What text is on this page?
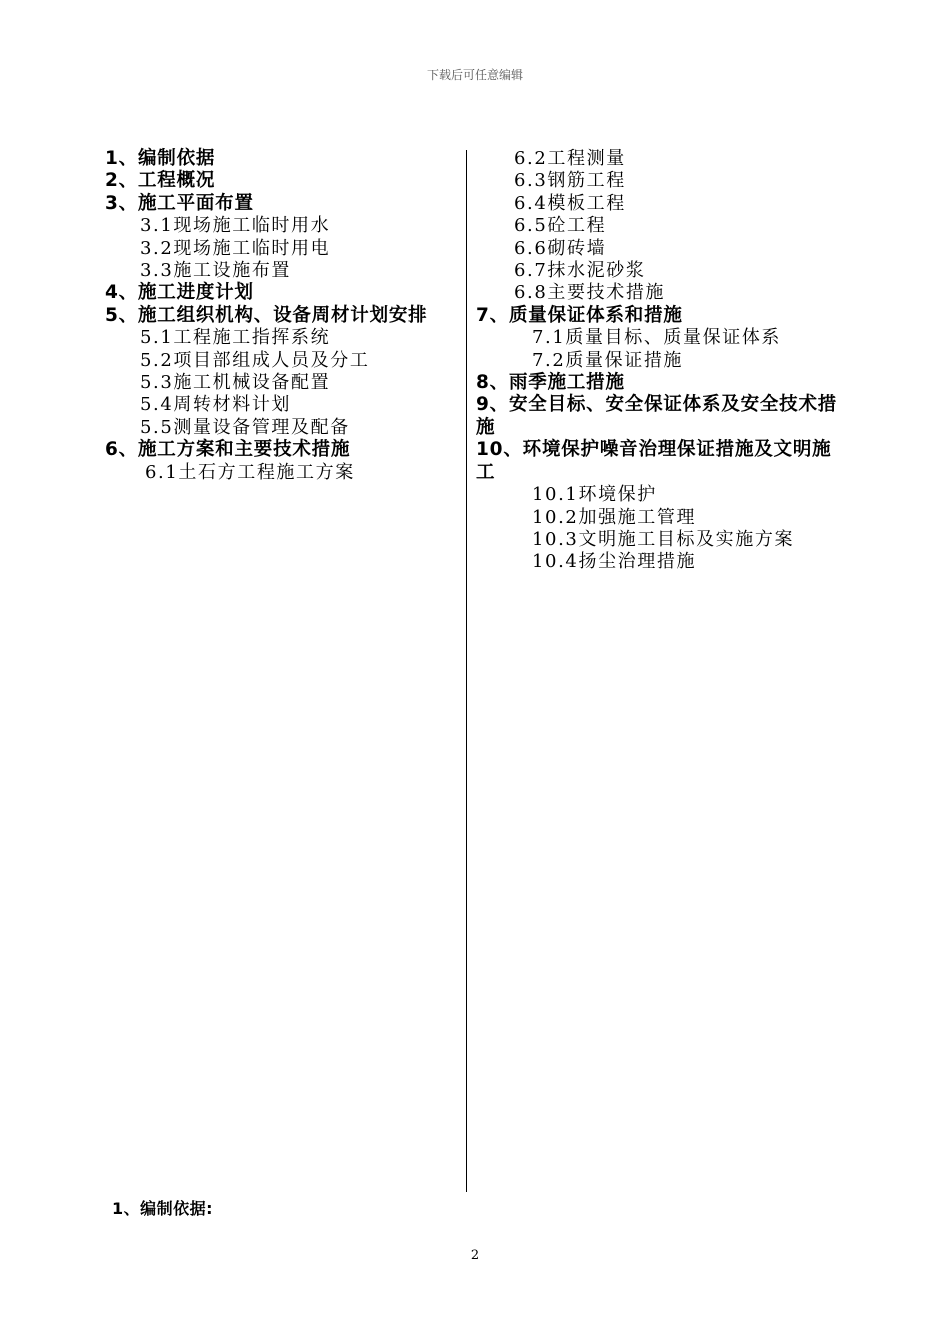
下载后可任意编辑
1、编制依据
2、工程概况
3、施工平面布置
3.1现场施工临时用水
3.2现场施工临时用电
3.3施工设施布置
4、施工进度计划
5、施工组织机构、设备周材计划安排
5.1工程施工指挥系统
5.2项目部组成人员及分工
5.3施工机械设备配置
5.4周转材料计划
5.5测量设备管理及配备
6、施工方案和主要技术措施
6.1土石方工程施工方案
6.2工程测量
6.3钢筋工程
6.4模板工程
6.5砼工程
6.6砌砖墙
6.7抹水泥砂浆
6.8主要技术措施
7、质量保证体系和措施
7.1质量目标、质量保证体系
7.2质量保证措施
8、雨季施工措施
9、安全目标、安全保证体系及安全技术措施
10、环境保护噪音治理保证措施及文明施工
10.1环境保护
10.2加强施工管理
10.3文明施工目标及实施方案
10.4扬尘治理措施
1、编制依据:
2
